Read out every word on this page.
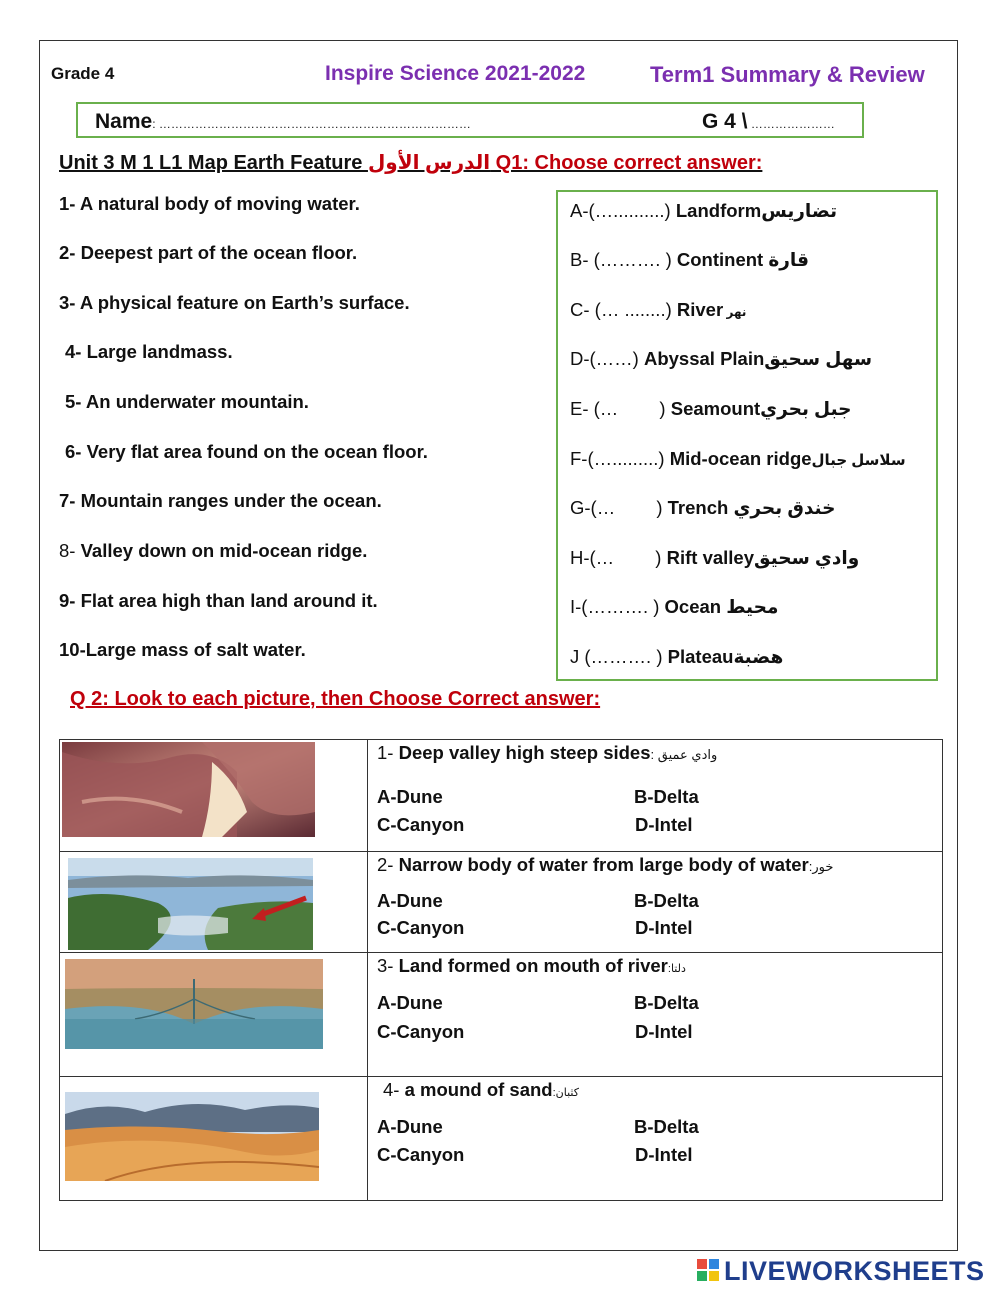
Grade 4	Inspire Science 2021-2022	Term1 Summary & Review
Name: ……………………………………………………………………	G 4 \ …………………
Unit 3 M 1 L1 Map Earth Feature الدرس الأول Q1: Choose correct answer:
1- A natural body of moving water.
2- Deepest part of the ocean floor.
3- A physical feature on Earth’s surface.
4- Large landmass.
5- An underwater mountain.
6- Very flat area found on the ocean floor.
7- Mountain ranges under the ocean.
8- Valley down on mid-ocean ridge.
9- Flat area high than land around it.
10-Large mass of salt water.
A-(…..........) Landformتضاريس
B- (………. ) Continent قارة
C- (… ........) River نهر
D-(……) Abyssal Plainسهل سحيق
E- (…        ) Seamountجبل بحري
F-(….........) Mid-ocean ridgeسلاسل جبال
G-(…        ) Trench خندق بحري
H-(…        ) Rift valleyوادي سحيق
I-(………. ) Ocean محيط
J (………. ) Plateauهضبة
Q 2: Look to each picture, then Choose Correct answer:

1- Deep valley high steep sides: وادي عميق
A-Dune B-Delta
C-Canyon D-Intel

2- Narrow body of water from large body of water:خور
A-Dune B-Delta
C-Canyon D-Intel

3- Land formed on mouth of river:دلتا
A-Dune B-Delta
C-Canyon D-Intel

4- a mound of sand:كثبان
A-Dune B-Delta
C-Canyon D-Intel
LIVEWORKSHEETS
